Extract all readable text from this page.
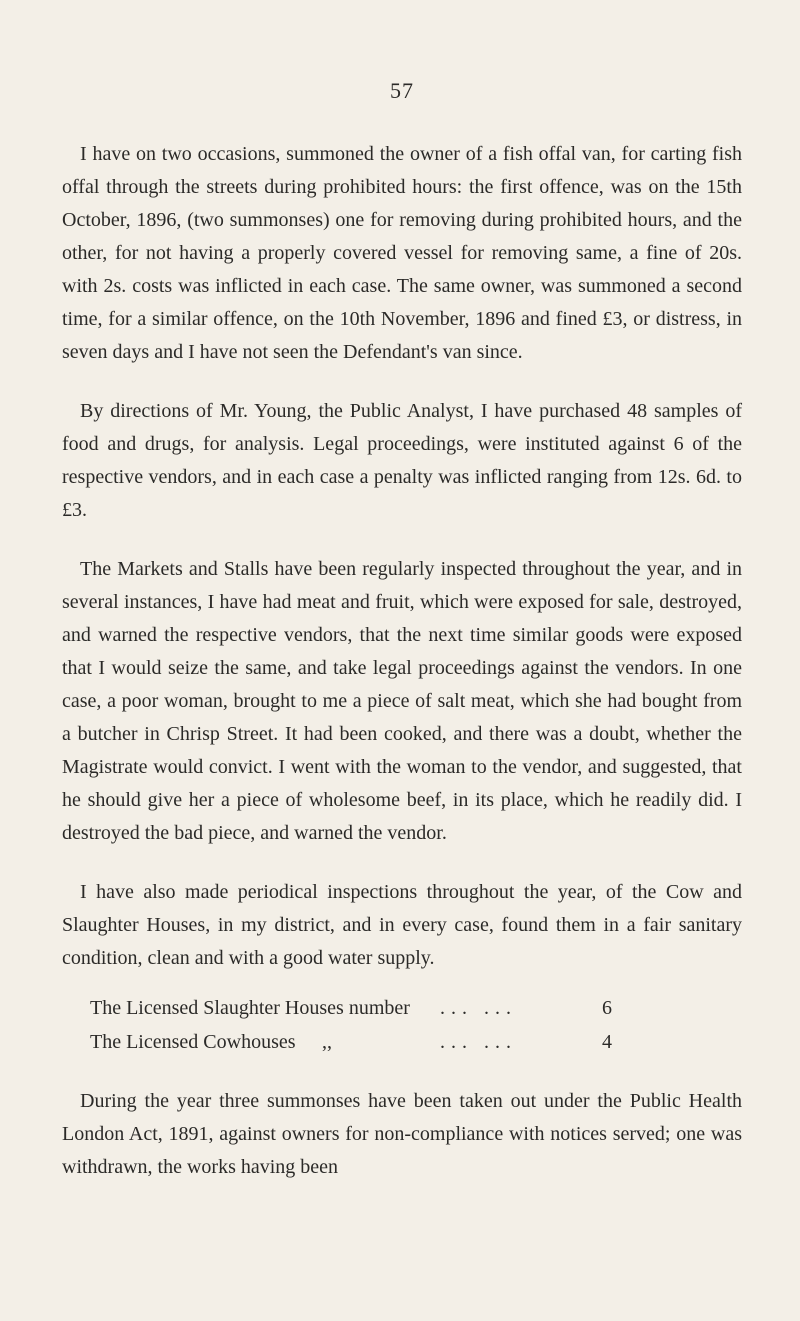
57

I have on two occasions, summoned the owner of a fish offal van, for carting fish offal through the streets during prohibited hours: the first offence, was on the 15th October, 1896, (two summonses) one for removing during prohibited hours, and the other, for not having a properly covered vessel for removing same, a fine of 20s. with 2s. costs was inflicted in each case. The same owner, was summoned a second time, for a similar offence, on the 10th November, 1896 and fined £3, or distress, in seven days and I have not seen the Defendant's van since.

By directions of Mr. Young, the Public Analyst, I have purchased 48 samples of food and drugs, for analysis. Legal proceedings, were instituted against 6 of the respective vendors, and in each case a penalty was inflicted ranging from 12s. 6d. to £3.

The Markets and Stalls have been regularly inspected throughout the year, and in several instances, I have had meat and fruit, which were exposed for sale, destroyed, and warned the respective vendors, that the next time similar goods were exposed that I would seize the same, and take legal proceedings against the vendors. In one case, a poor woman, brought to me a piece of salt meat, which she had bought from a butcher in Chrisp Street. It had been cooked, and there was a doubt, whether the Magistrate would convict. I went with the woman to the vendor, and suggested, that he should give her a piece of wholesome beef, in its place, which he readily did. I destroyed the bad piece, and warned the vendor.

I have also made periodical inspections throughout the year, of the Cow and Slaughter Houses, in my district, and in every case, found them in a fair sanitary condition, clean and with a good water supply.

The Licensed Slaughter Houses number	... ...	6
The Licensed Cowhouses	,,	... ...	4

During the year three summonses have been taken out under the Public Health London Act, 1891, against owners for non-compliance with notices served; one was withdrawn, the works having been
